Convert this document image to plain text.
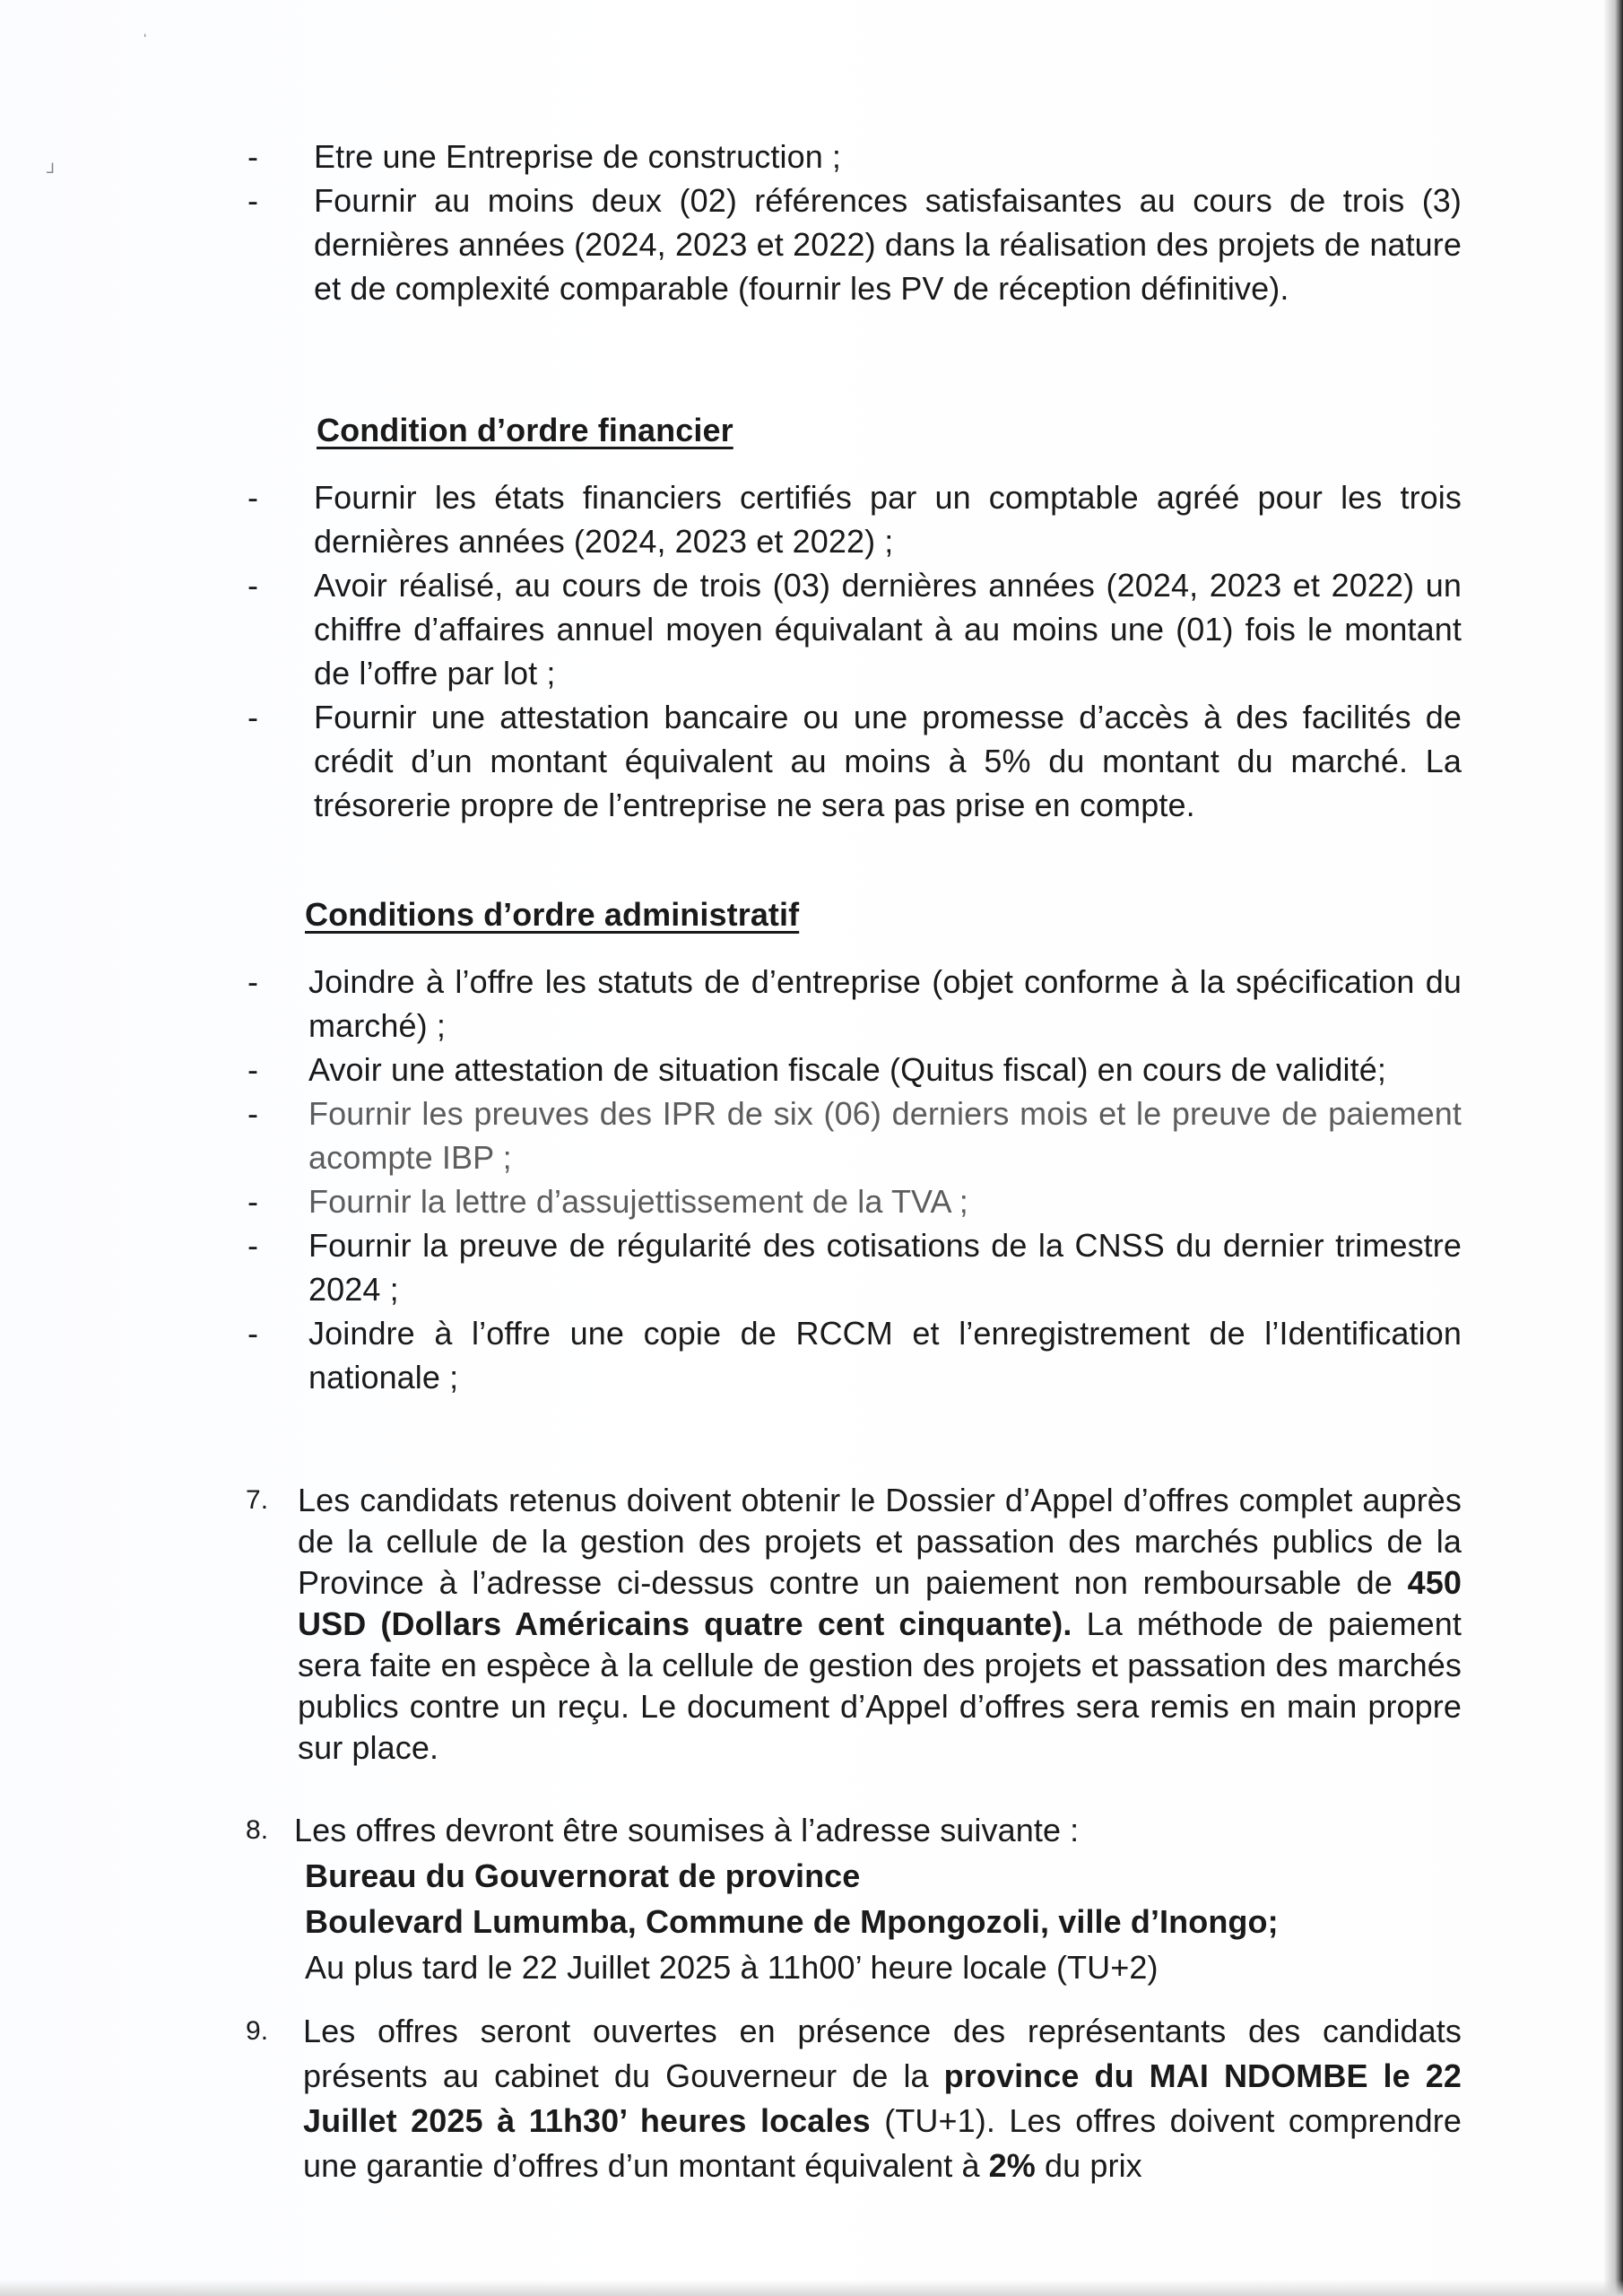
ʻ
⅃	-	Etre une Entreprise de construction ;
-	Fournir au moins deux (02) références satisfaisantes au cours de trois (3) dernières années (2024, 2023 et 2022) dans la réalisation des projets de nature et de complexité comparable (fournir les PV de réception définitive).
Condition d’ordre financier
-	Fournir les états financiers certifiés par un comptable agréé pour les trois dernières années (2024, 2023 et 2022) ;
-	Avoir réalisé, au cours de trois (03) dernières années (2024, 2023 et 2022) un chiffre d’affaires annuel moyen équivalant à au moins une (01) fois le montant de l’offre par lot ;
-	Fournir une attestation bancaire ou une promesse d’accès à des facilités de crédit d’un montant équivalent au moins à 5% du montant du marché. La trésorerie propre de l’entreprise ne sera pas prise en compte.
Conditions d’ordre administratif
-	Joindre à l’offre les statuts de d’entreprise (objet conforme à la spécification du marché) ;
-	Avoir une attestation de situation fiscale (Quitus fiscal) en cours de validité;
-	Fournir les preuves des IPR de six (06) derniers mois et le preuve de paiement acompte IBP ;
-	Fournir la lettre d’assujettissement de la TVA ;
-	Fournir la preuve de régularité des cotisations de la CNSS du dernier trimestre 2024 ;
-	Joindre à l’offre une copie de RCCM et l’enregistrement de l’Identification nationale ;
7. Les candidats retenus doivent obtenir le Dossier d’Appel d’offres complet auprès de la cellule de la gestion des projets et passation des marchés publics de la Province à l’adresse ci-dessus contre un paiement non remboursable de 450 USD (Dollars Américains quatre cent cinquante). La méthode de paiement sera faite en espèce à la cellule de gestion des projets et passation des marchés publics contre un reçu. Le document d’Appel d’offres sera remis en main propre sur place.
8. Les offres devront être soumises à l’adresse suivante :
Bureau du Gouvernorat de province
Boulevard Lumumba, Commune de Mpongozoli, ville d’Inongo;
Au plus tard le 22 Juillet 2025 à 11h00’ heure locale (TU+2)
9.	Les offres seront ouvertes en présence des représentants des candidats présents au cabinet du Gouverneur de la province du MAI NDOMBE le 22 Juillet 2025 à 11h30’ heures locales (TU+1). Les offres doivent comprendre une garantie d’offres d’un montant équivalent à 2% du prix
